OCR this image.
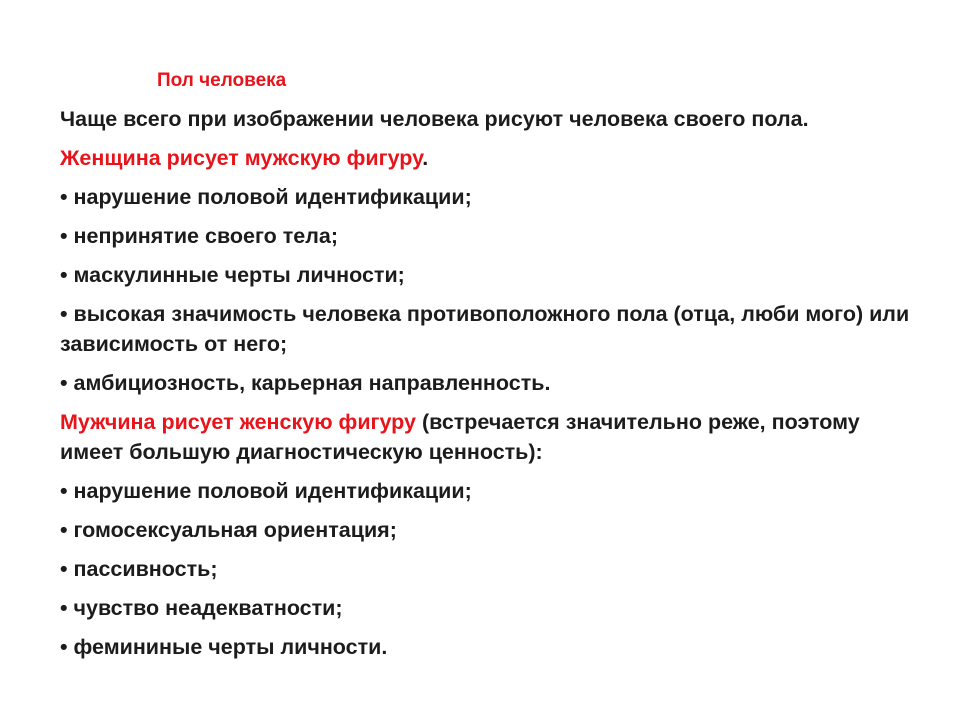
Пол человека

Чаще всего при изображении человека рисуют человека своего пола.

Женщина рисует мужскую фигуру.

• нарушение половой идентификации;

• непринятие своего тела;

• маскулинные черты личности;

• высокая значимость человека противоположного пола (отца, люби мого) или зависимость от него;

• амбициозность, карьерная направленность.

Мужчина рисует женскую фигуру (встречается значительно реже, поэтому имеет большую диагностическую ценность):

• нарушение половой идентификации;

• гомосексуальная ориентация;

• пассивность;

• чувство неадекватности;

• фемининые черты личности.
